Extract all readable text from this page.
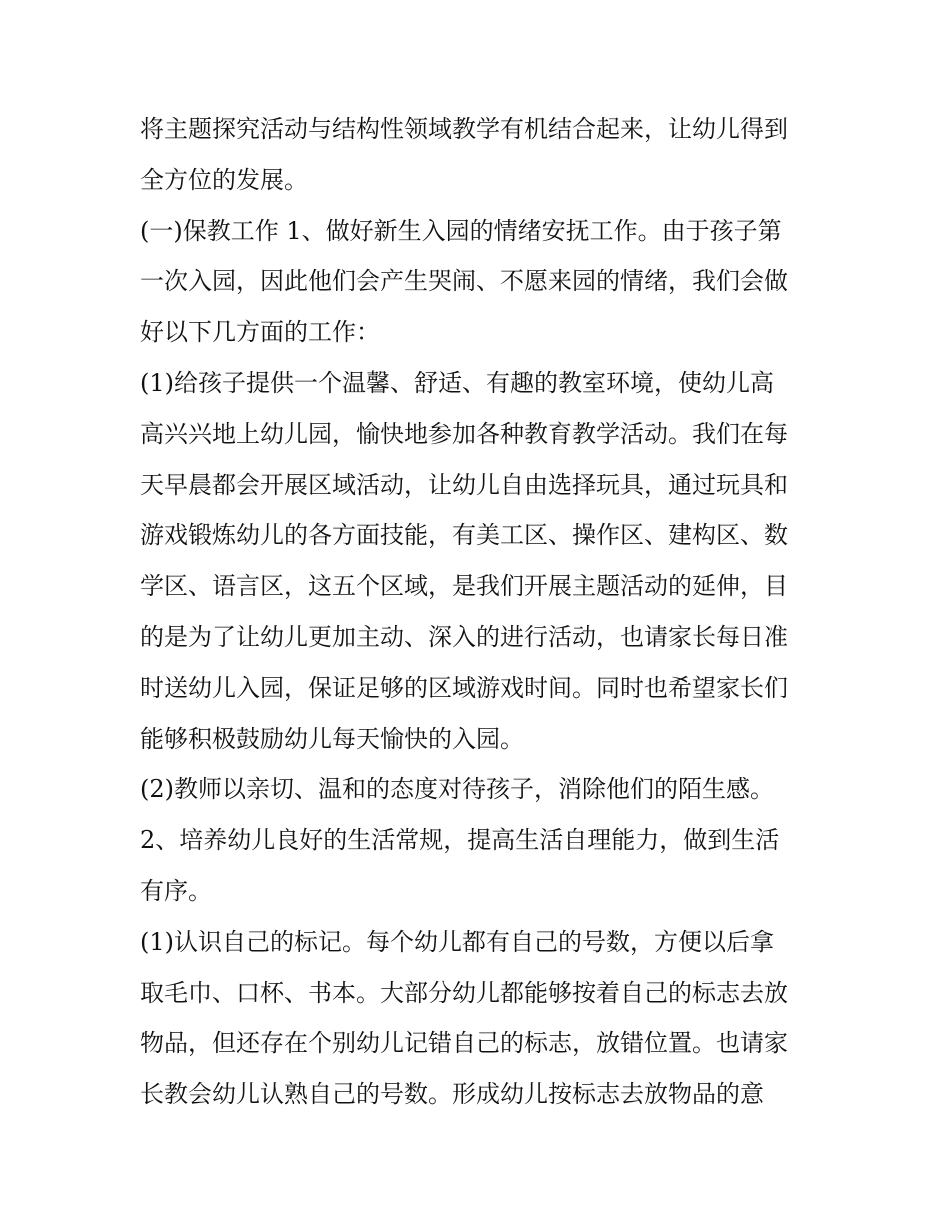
将主题探究活动与结构性领域教学有机结合起来，让幼儿得到
全方位的发展。
(一)保教工作 1、做好新生入园的情绪安抚工作。由于孩子第
一次入园，因此他们会产生哭闹、不愿来园的情绪，我们会做
好以下几方面的工作：
(1)给孩子提供一个温馨、舒适、有趣的教室环境，使幼儿高
高兴兴地上幼儿园，愉快地参加各种教育教学活动。我们在每
天早晨都会开展区域活动，让幼儿自由选择玩具，通过玩具和
游戏锻炼幼儿的各方面技能，有美工区、操作区、建构区、数
学区、语言区，这五个区域，是我们开展主题活动的延伸，目
的是为了让幼儿更加主动、深入的进行活动，也请家长每日准
时送幼儿入园，保证足够的区域游戏时间。同时也希望家长们
能够积极鼓励幼儿每天愉快的入园。
(2)教师以亲切、温和的态度对待孩子，消除他们的陌生感。
2、培养幼儿良好的生活常规，提高生活自理能力，做到生活
有序。
(1)认识自己的标记。每个幼儿都有自己的号数，方便以后拿
取毛巾、口杯、书本。大部分幼儿都能够按着自己的标志去放
物品，但还存在个别幼儿记错自己的标志，放错位置。也请家
长教会幼儿认熟自己的号数。形成幼儿按标志去放物品的意
